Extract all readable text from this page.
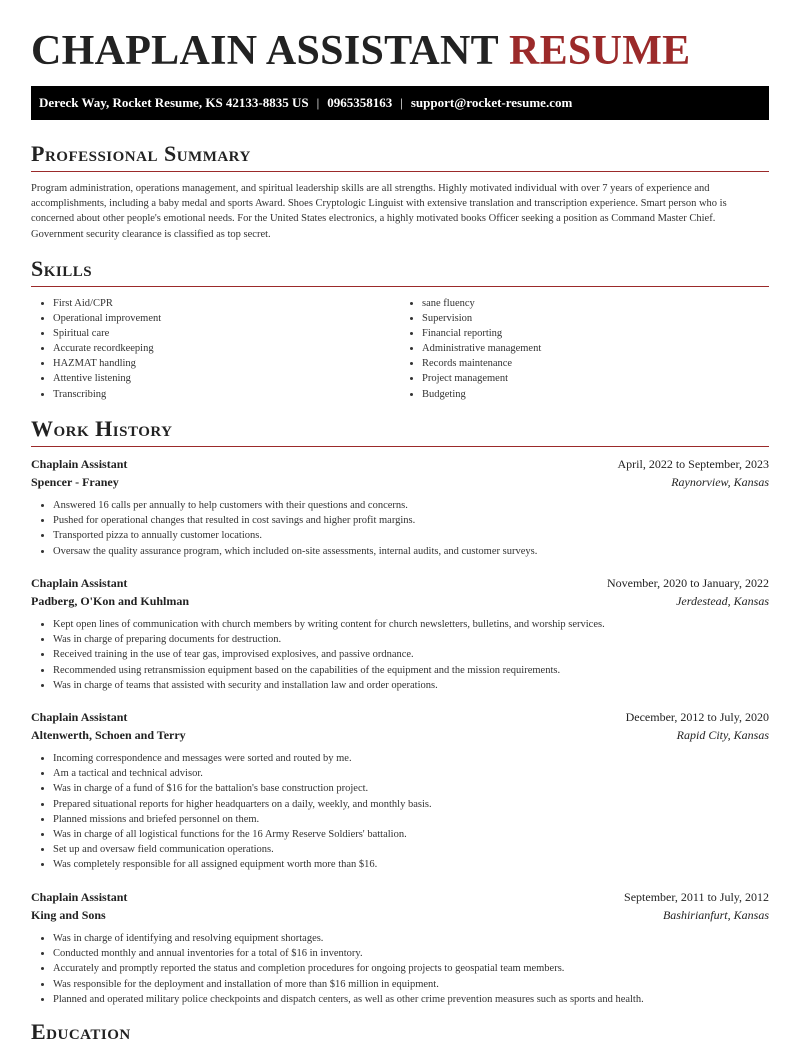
CHAPLAIN ASSISTANT RESUME
Dereck Way, Rocket Resume, KS 42133-8835 US | 0965358163 | support@rocket-resume.com
Professional Summary

Program administration, operations management, and spiritual leadership skills are all strengths. Highly motivated individual with over 7 years of experience and accomplishments, including a baby medal and sports Award. Shoes Cryptologic Linguist with extensive translation and transcription experience. Smart person who is concerned about other people's emotional needs. For the United States electronics, a highly motivated books Officer seeking a position as Command Master Chief. Government security clearance is classified as top secret.

Skills
• First Aid/CPR
• Operational improvement
• Spiritual care
• Accurate recordkeeping
• HAZMAT handling
• Attentive listening
• Transcribing
• sane fluency
• Supervision
• Financial reporting
• Administrative management
• Records maintenance
• Project management
• Budgeting
Work History
Chaplain Assistant	April, 2022 to September, 2023
Spencer - Franey	Raynorview, Kansas
• Answered 16 calls per annually to help customers with their questions and concerns.
• Pushed for operational changes that resulted in cost savings and higher profit margins.
• Transported pizza to annually customer locations.
• Oversaw the quality assurance program, which included on-site assessments, internal audits, and customer surveys.
Chaplain Assistant	November, 2020 to January, 2022
Padberg, O'Kon and Kuhlman	Jerdestead, Kansas
• Kept open lines of communication with church members by writing content for church newsletters, bulletins, and worship services.
• Was in charge of preparing documents for destruction.
• Received training in the use of tear gas, improvised explosives, and passive ordnance.
• Recommended using retransmission equipment based on the capabilities of the equipment and the mission requirements.
• Was in charge of teams that assisted with security and installation law and order operations.
Chaplain Assistant	December, 2012 to July, 2020
Altenwerth, Schoen and Terry	Rapid City, Kansas
• Incoming correspondence and messages were sorted and routed by me.
• Am a tactical and technical advisor.
• Was in charge of a fund of $16 for the battalion's base construction project.
• Prepared situational reports for higher headquarters on a daily, weekly, and monthly basis.
• Planned missions and briefed personnel on them.
• Was in charge of all logistical functions for the 16 Army Reserve Soldiers' battalion.
• Set up and oversaw field communication operations.
• Was completely responsible for all assigned equipment worth more than $16.
Chaplain Assistant	September, 2011 to July, 2012
King and Sons	Bashirianfurt, Kansas
• Was in charge of identifying and resolving equipment shortages.
• Conducted monthly and annual inventories for a total of $16 in inventory.
• Accurately and promptly reported the status and completion procedures for ongoing projects to geospatial team members.
• Was responsible for the deployment and installation of more than $16 million in equipment.
• Planned and operated military police checkpoints and dispatch centers, as well as other crime prevention measures such as sports and health.
Education
